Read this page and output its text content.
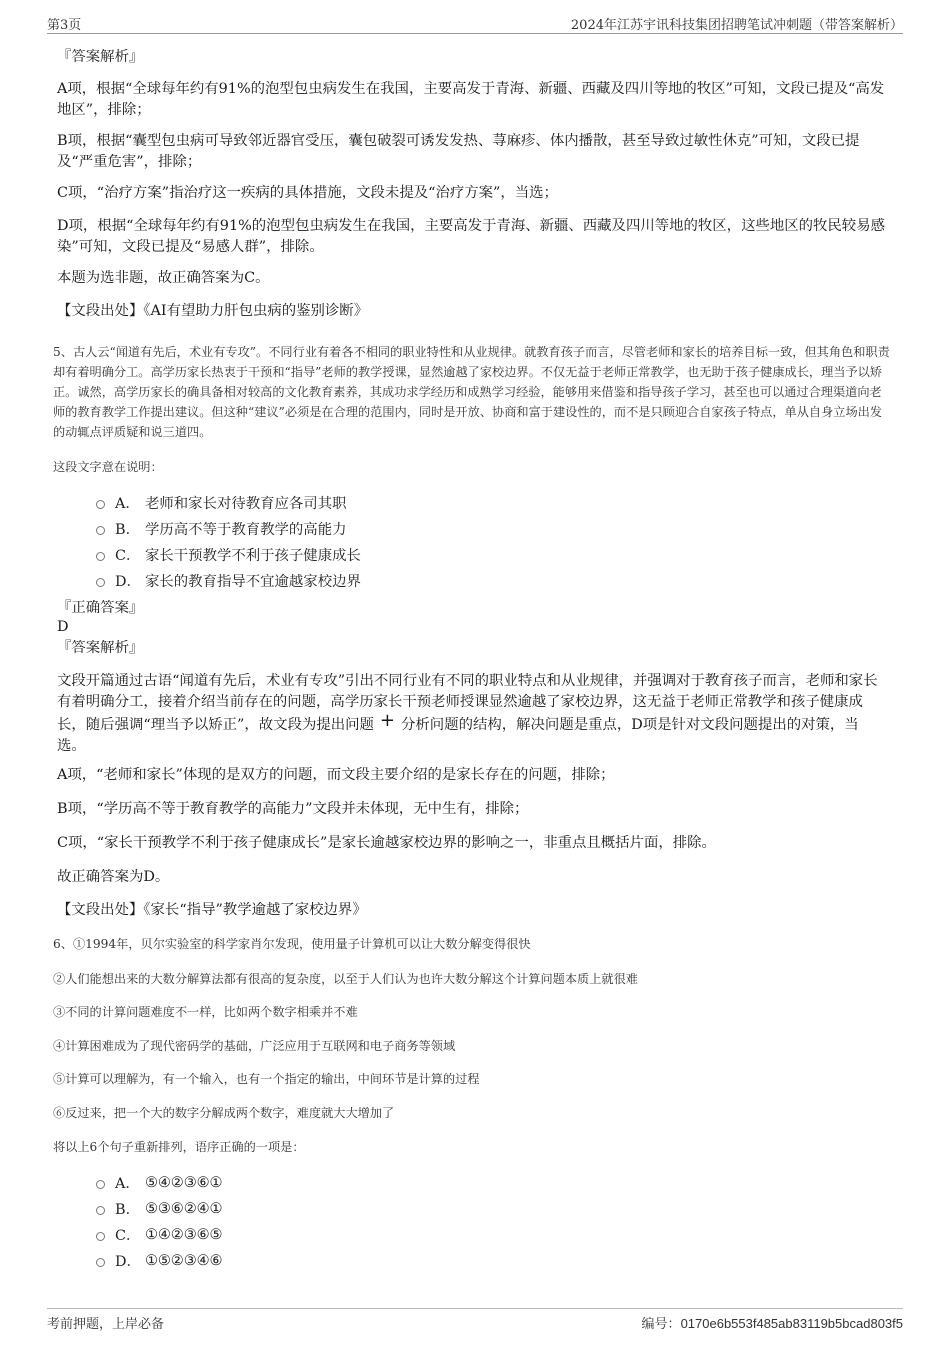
第3页	2024年江苏宇讯科技集团招聘笔试冲刺题（带答案解析）
『答案解析』
A项，根据“全球每年约有91%的泡型包虫病发生在我国，主要高发于青海、新疆、西藏及四川等地的牧区”可知，文段已提及“高发地区”，排除；
B项，根据“囊型包虫病可导致邻近器官受压，囊包破裂可诱发发热、荨麻疹、体内播散，甚至导致过敏性休克”可知，文段已提及“严重危害”，排除；
C项，“治疗方案”指治疗这一疾病的具体措施，文段未提及“治疗方案”，当选；
D项，根据“全球每年约有91%的泡型包虫病发生在我国，主要高发于青海、新疆、西藏及四川等地的牧区，这些地区的牧民较易感染”可知，文段已提及“易感人群”，排除。
本题为选非题，故正确答案为C。
【文段出处】《AI有望助力肝包虫病的鉴别诊断》
5、古人云“闻道有先后，术业有专攻”。不同行业有着各不相同的职业特性和从业规律。就教育孩子而言，尽管老师和家长的培养目标一致，但其角色和职责却有着明确分工。高学历家长热衷于干预和“指导”老师的教学授课，显然逾越了家校边界。不仅无益于老师正常教学，也无助于孩子健康成长，理当予以矫正。诚然，高学历家长的确具备相对较高的文化教育素养，其成功求学经历和成熟学习经验，能够用来借鉴和指导孩子学习，甚至也可以通过合理渠道向老师的教育教学工作提出建议。但这种“建议”必须是在合理的范围内，同时是开放、协商和富于建设性的，而不是只顾迎合自家孩子特点，单从自身立场出发的动辄点评质疑和说三道四。
这段文字意在说明：
A． 老师和家长对待教育应各司其职
B． 学历高不等于教育教学的高能力
C． 家长干预教学不利于孩子健康成长
D． 家长的教育指导不宜逾越家校边界
『正确答案』
D
『答案解析』
文段开篇通过古语“闻道有先后，术业有专攻”引出不同行业有不同的职业特点和从业规律，并强调对于教育孩子而言，老师和家长有着明确分工，接着介绍当前存在的问题，高学历家长干预老师授课显然逾越了家校边界，这无益于老师正常教学和孩子健康成长，随后强调“理当予以矫正”，故文段为提出问题 + 分析问题的结构，解决问题是重点，D项是针对文段问题提出的对策，当选。
A项，“老师和家长”体现的是双方的问题，而文段主要介绍的是家长存在的问题，排除；
B项，“学历高不等于教育教学的高能力”文段并未体现，无中生有，排除；
C项，“家长干预教学不利于孩子健康成长”是家长逾越家校边界的影响之一，非重点且概括片面，排除。
故正确答案为D。
【文段出处】《家长“指导”教学逾越了家校边界》
6、①1994年，贝尔实验室的科学家肖尔发现，使用量子计算机可以让大数分解变得很快
②人们能想出来的大数分解算法都有很高的复杂度，以至于人们认为也许大数分解这个计算问题本质上就很难
③不同的计算问题难度不一样，比如两个数字相乘并不难
④计算困难成为了现代密码学的基础，广泛应用于互联网和电子商务等领域
⑤计算可以理解为，有一个输入，也有一个指定的输出，中间环节是计算的过程
⑥反过来，把一个大的数字分解成两个数字，难度就大大增加了
将以上6个句子重新排列，语序正确的一项是：
A． ⑤④②③⑥①
B． ⑤③⑥②④①
C． ①④②③⑥⑤
D． ①⑤②③④⑥
考前押题，上岸必备	编号：0170e6b553f485ab83119b5bcad803f5
